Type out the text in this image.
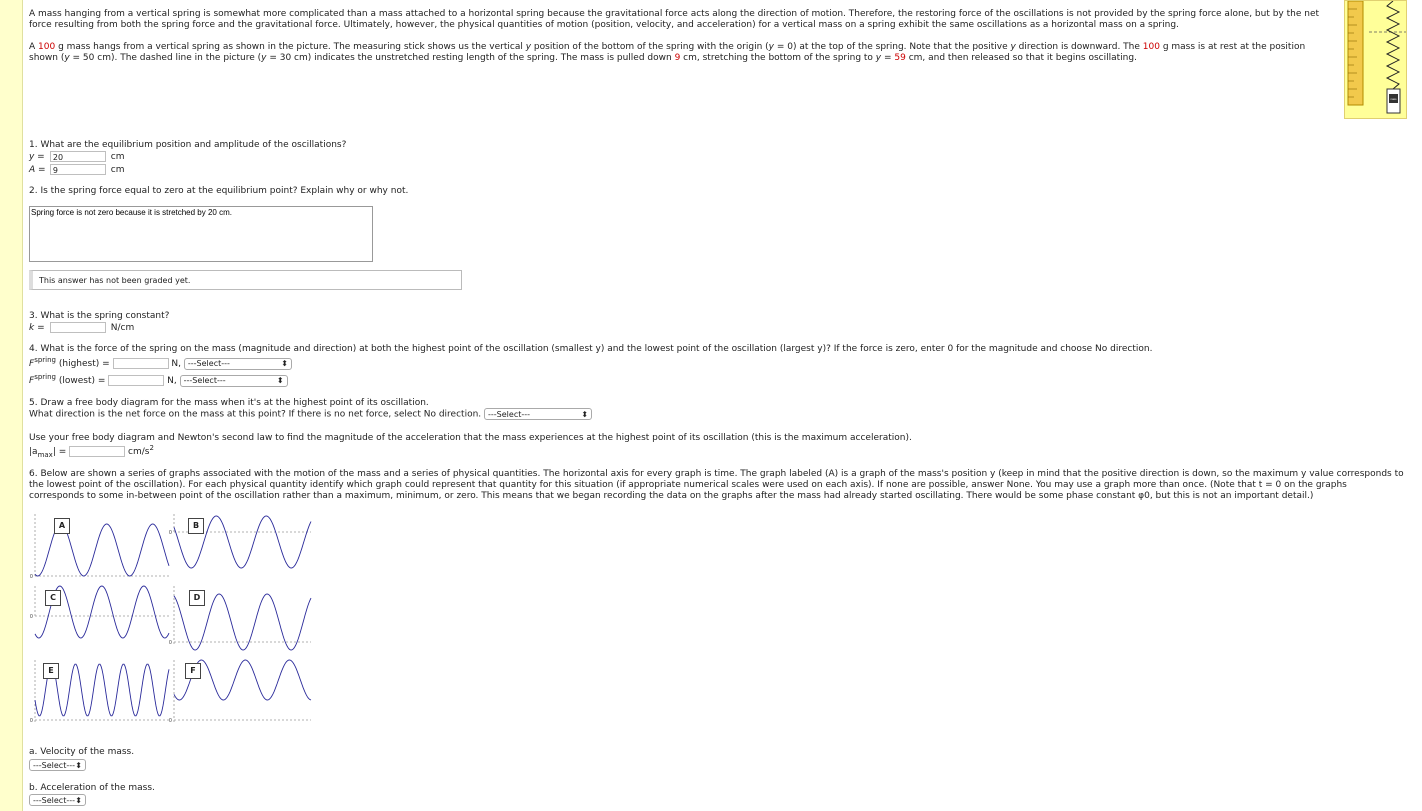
A mass hanging from a vertical spring is somewhat more complicated than a mass attached to a horizontal spring because the gravitational force acts along the direction of motion. Therefore, the restoring force of the oscillations is not provided by the spring force alone, but by the net force resulting from both the spring force and the gravitational force. Ultimately, however, the physical quantities of motion (position, velocity, and acceleration) for a vertical mass on a spring exhibit the same oscillations as a horizontal mass on a spring.

A 100 g mass hangs from a vertical spring as shown in the picture. The measuring stick shows us the vertical y position of the bottom of the spring with the origin (y = 0) at the top of the spring. Note that the positive y direction is downward. The 100 g mass is at rest at the position shown (y = 50 cm). The dashed line in the picture (y = 30 cm) indicates the unstretched resting length of the spring. The mass is pulled down 9 cm, stretching the bottom of the spring to y = 59 cm, and then released so that it begins oscillating.

1. What are the equilibrium position and amplitude of the oscillations?

y = 20	cm
A = 9	cm

2. Is the spring force equal to zero at the equilibrium point? Explain why or why not.

Spring force is not zero because it is stretched by 20 cm.
This answer has not been graded yet.

3. What is the spring constant?

k =	N/cm

4. What is the force of the spring on the mass (magnitude and direction) at both the highest point of the oscillation (smallest y) and the lowest point of the oscillation (largest y)? If the force is zero, enter 0 for the magnitude and choose No direction.

$F^{spring}$ (highest) =	N, ---Select---	⬍
$F^{spring}$ (lowest) =	N, ---Select---	⬍

5. Draw a free body diagram for the mass when it's at the highest point of its oscillation.

What direction is the net force on the mass at this point? If there is no net force, select No direction. ---Select---	⬍

Use your free body diagram and Newton's second law to find the magnitude of the acceleration that the mass experiences at the highest point of its oscillation (this is the maximum acceleration).

$|a_{max}|$ =	$cm/s^2$

6. Below are shown a series of graphs associated with the motion of the mass and a series of physical quantities. The horizontal axis for every graph is time. The graph labeled (A) is a graph of the mass's position y (keep in mind that the positive direction is down, so the maximum y value corresponds to the lowest point of the oscillation). For each physical quantity identify which graph could represent that quantity for this situation (if appropriate numerical scales were used on each axis). If none are possible, answer None. You may use a graph more than once. (Note that t = 0 on the graphs corresponds to some in-between point of the oscillation rather than a maximum, minimum, or zero. This means that we began recording the data on the graphs after the mass had already started oscillating. There would be some phase constant φ0, but this is not an important detail.)

0
0
0
0
0	0
A	B
C	D
E	F

a. Velocity of the mass.

---Select--- ⬍

b. Acceleration of the mass.

---Select--- ⬍
mass
